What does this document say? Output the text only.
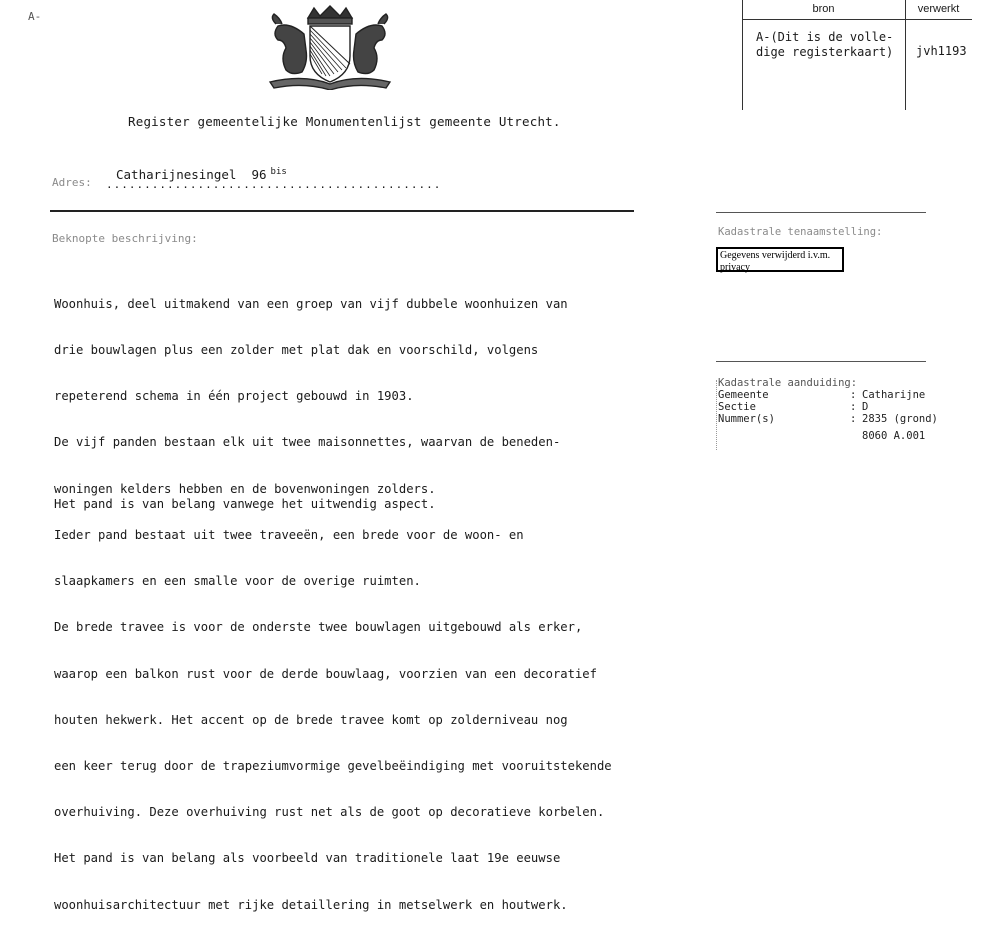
A-
bron	verwerkt
A-(Dit is de volle-
dige registerkaart)	jvh1193
Register gemeentelijke Monumentenlijst gemeente Utrecht.
Adres:
Catharijnesingel 96 $^{bis}$
............................................
Beknopte beschrijving:

Woonhuis, deel uitmakend van een groep van vijf dubbele woonhuizen van

drie bouwlagen plus een zolder met plat dak en voorschild, volgens

repeterend schema in één project gebouwd in 1903.

De vijf panden bestaan elk uit twee maisonnettes, waarvan de beneden-

woningen kelders hebben en de bovenwoningen zolders.

Ieder pand bestaat uit twee traveeën, een brede voor de woon- en

slaapkamers en een smalle voor de overige ruimten.

De brede travee is voor de onderste twee bouwlagen uitgebouwd als erker,

waarop een balkon rust voor de derde bouwlaag, voorzien van een decoratief

houten hekwerk. Het accent op de brede travee komt op zolderniveau nog

een keer terug door de trapeziumvormige gevelbeëindiging met vooruitstekende

overhuiving. Deze overhuiving rust net als de goot op decoratieve korbelen.

Het pand is van belang als voorbeeld van traditionele laat 19e eeuwse

woonhuisarchitectuur met rijke detaillering in metselwerk en houtwerk.

Het pand is van belang vanwege het uitwendig aspect.
Kadastrale tenaamstelling:
Gegevens verwijderd i.v.m. privacy
Kadastrale aanduiding:
Gemeente	: Catharijne
Sectie	: D
Nummer(s)	: 2835 (grond)
8060 A.001
